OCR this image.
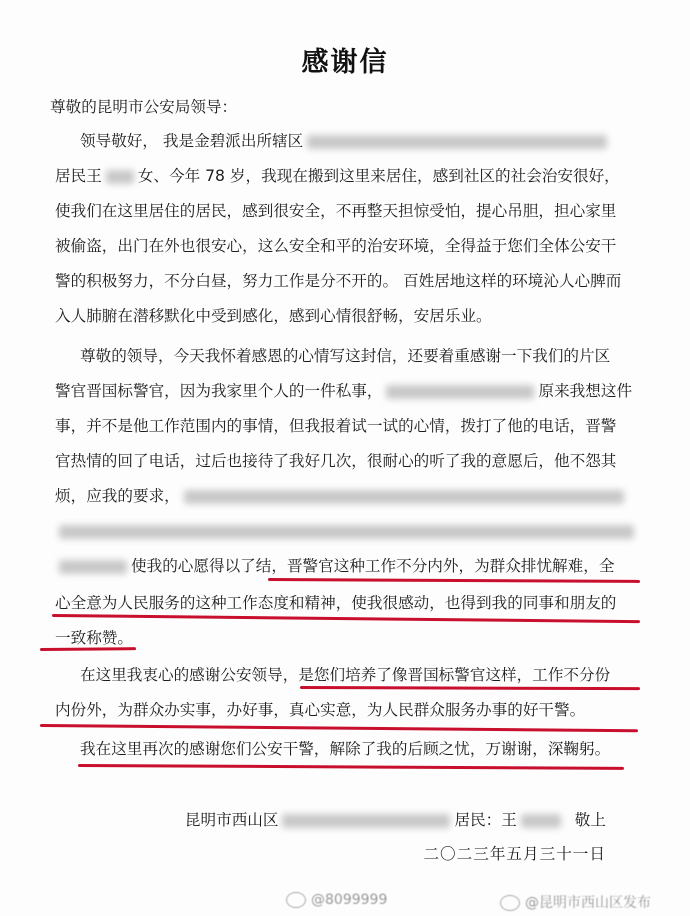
感谢信
尊敬的昆明市公安局领导：
领导敬好， 我是金碧派出所辖区
居民王 女、今年 78 岁，我现在搬到这里来居住，感到社区的社会治安很好，
使我们在这里居住的居民，感到很安全，不再整天担惊受怕，提心吊胆，担心家里
被偷盗，出门在外也很安心，这么安全和平的治安环境，全得益于您们全体公安干
警的积极努力，不分白昼，努力工作是分不开的。 百姓居地这样的环境沁人心脾而
入人肺腑在潜移默化中受到感化，感到心情很舒畅，安居乐业。
尊敬的领导，今天我怀着感恩的心情写这封信，还要着重感谢一下我们的片区
警官晋国标警官，因为我家里个人的一件私事，	原来我想这件
事，并不是他工作范围内的事情，但我报着试一试的心情，拨打了他的电话，晋警
官热情的回了电话，过后也接待了我好几次，很耐心的听了我的意愿后，他不怨其
烦，应我的要求，
使我的心愿得以了结，晋警官这种工作不分内外，为群众排忧解难，全
心全意为人民服务的这种工作态度和精神，使我很感动，也得到我的同事和朋友的
一致称赞。
在这里我衷心的感谢公安领导，是您们培养了像晋国标警官这样，工作不分份
内份外，为群众办实事，办好事，真心实意，为人民群众服务办事的好干警。
我在这里再次的感谢您们公安干警，解除了我的后顾之忧，万谢谢，深鞠躬。
昆明市西山区	居民：王	敬上
二〇二三年五月三十一日
@8099999	@昆明市西山区发布
